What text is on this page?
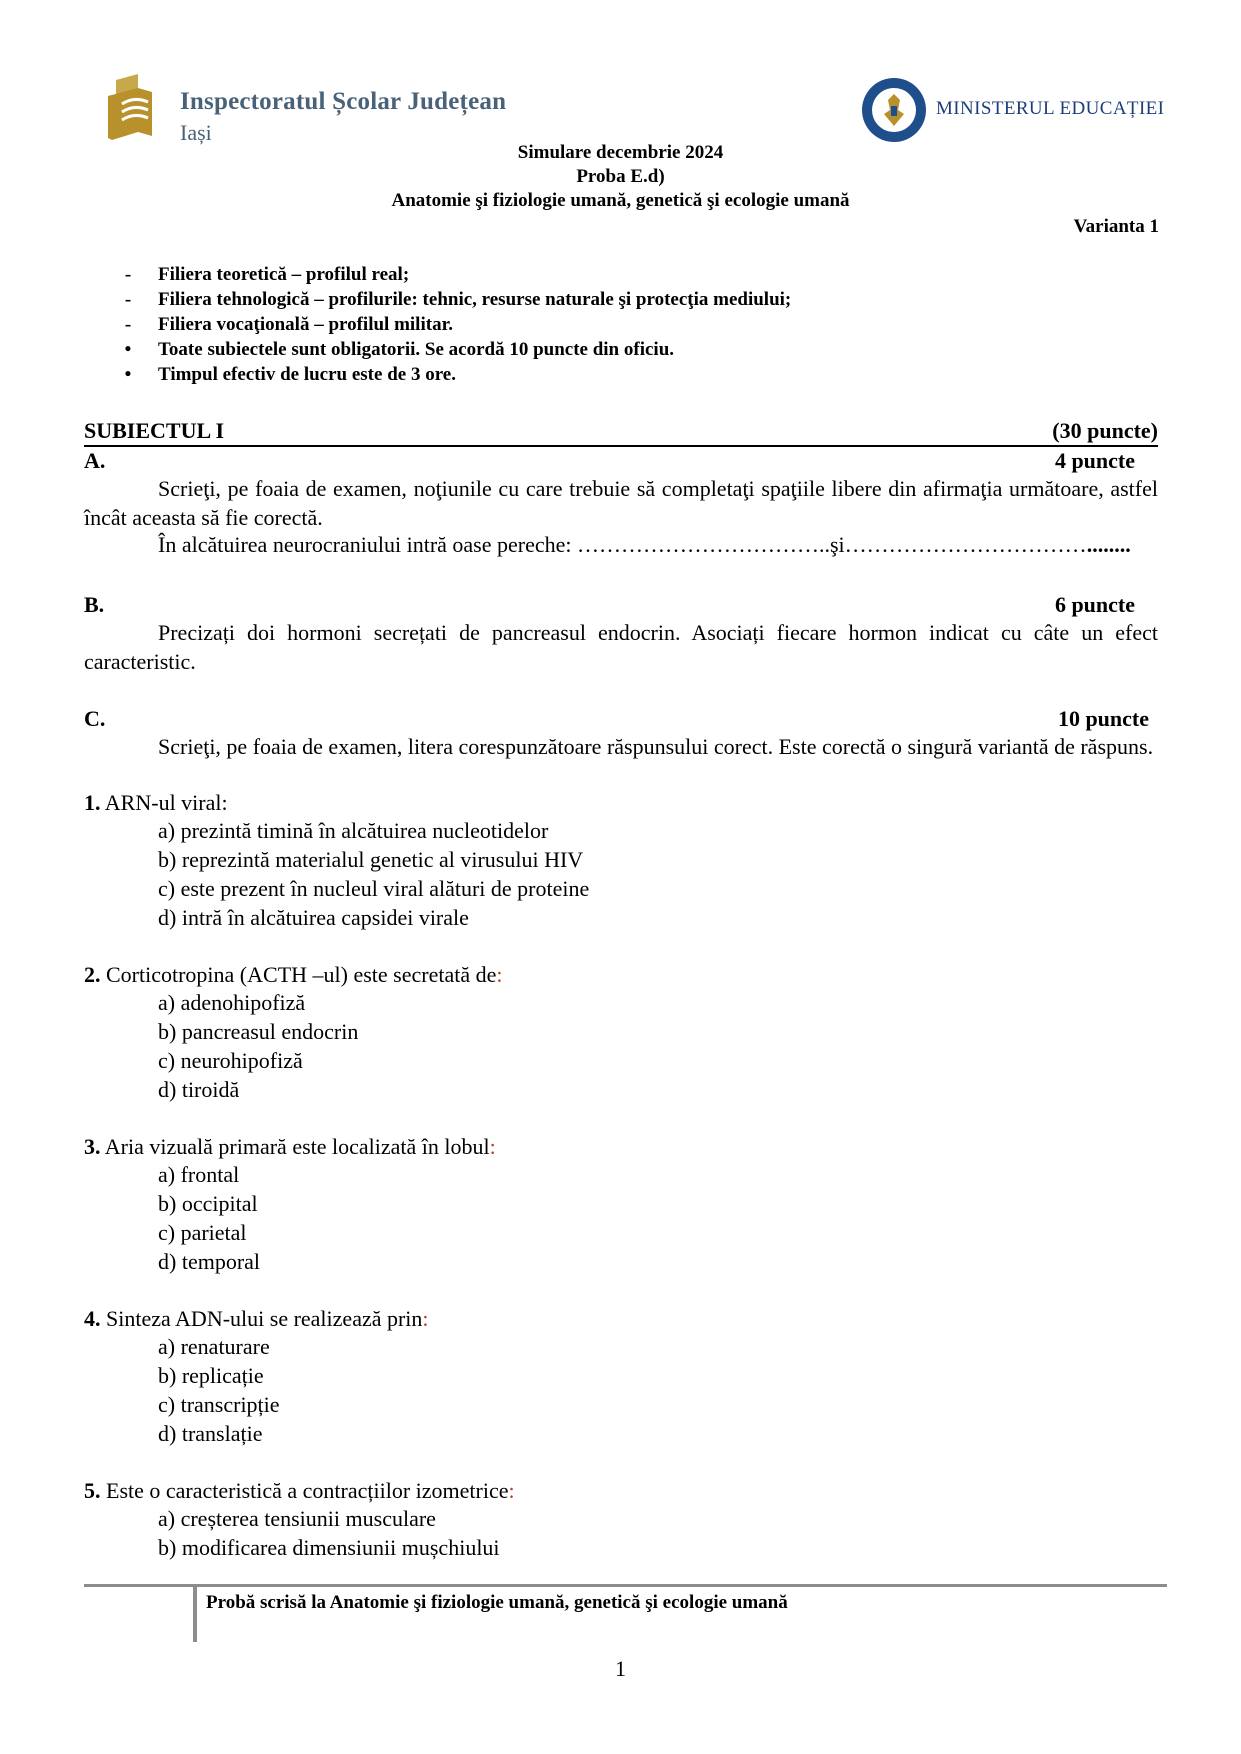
Inspectoratul Școlar Județean
Iași
MINISTERUL EDUCAȚIEI
Simulare decembrie 2024
Proba E.d)
Anatomie şi fiziologie umană, genetică şi ecologie umană
Varianta 1
-	Filiera teoretică – profilul real;
-	Filiera tehnologică – profilurile: tehnic, resurse naturale şi protecţia mediului;
-	Filiera vocaţională – profilul militar.
•	Toate subiectele sunt obligatorii. Se acordă 10 puncte din oficiu.
•	Timpul efectiv de lucru este de 3 ore.
SUBIECTUL I	(30 puncte)
A.	4 puncte
Scrieţi, pe foaia de examen, noţiunile cu care trebuie să completaţi spaţiile libere din afirmaţia următoare, astfel încât aceasta să fie corectă.
În alcătuirea neurocraniului intră oase pereche: ……………………………..şi……………………………........
B.	6 puncte
Precizați doi hormoni secrețati de pancreasul endocrin. Asociați fiecare hormon indicat cu câte un efect caracteristic.
C.	10 puncte
Scrieţi, pe foaia de examen, litera corespunzătoare răspunsului corect. Este corectă o singură variantă de răspuns.
1. ARN-ul viral:
a) prezintă timină în alcătuirea nucleotidelor
b) reprezintă materialul genetic al virusului HIV
c) este prezent în nucleul viral alături de proteine
d) intră în alcătuirea capsidei virale
2. Corticotropina (ACTH –ul) este secretată de:
a) adenohipofiză
b) pancreasul endocrin
c) neurohipofiză
d) tiroidă
3. Aria vizuală primară este localizată în lobul:
a) frontal
b) occipital
c) parietal
d) temporal
4. Sinteza ADN-ului se realizează prin:
a) renaturare
b) replicație
c) transcripție
d) translație
5. Este o caracteristică a contracțiilor izometrice:
a) creșterea tensiunii musculare
b) modificarea dimensiunii mușchiului
Probă scrisă la Anatomie şi fiziologie umană, genetică şi ecologie umană
1
